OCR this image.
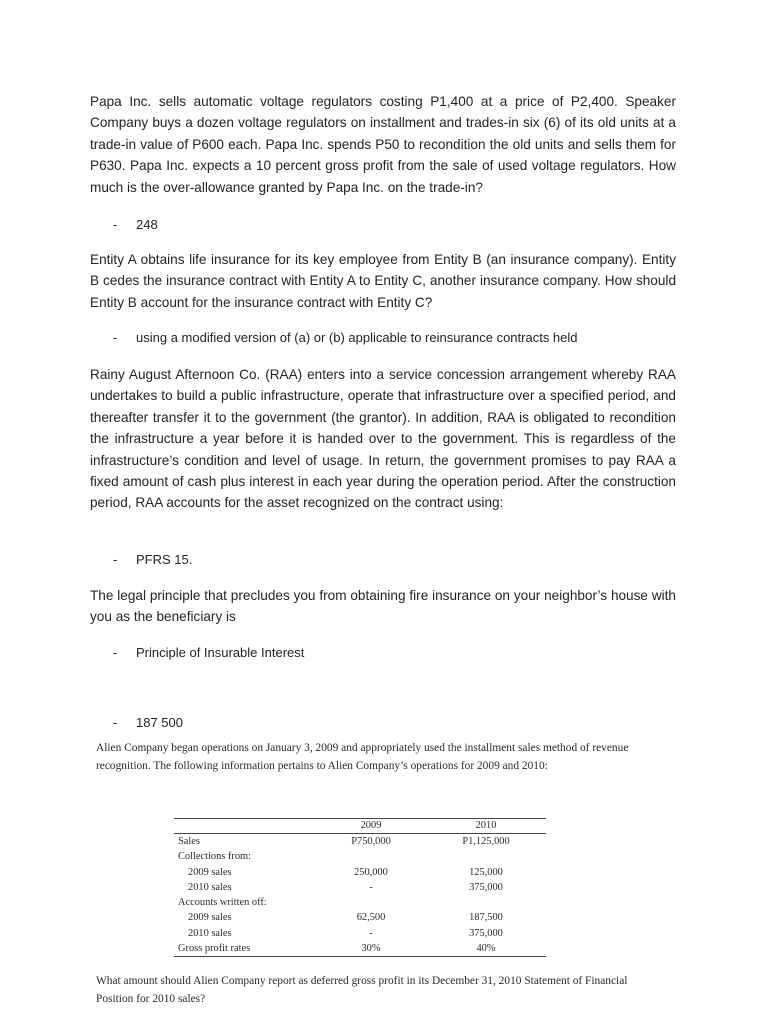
Papa Inc. sells automatic voltage regulators costing P1,400 at a price of P2,400. Speaker Company buys a dozen voltage regulators on installment and trades-in six (6) of its old units at a trade-in value of P600 each. Papa Inc. spends P50 to recondition the old units and sells them for P630. Papa Inc. expects a 10 percent gross profit from the sale of used voltage regulators. How much is the over-allowance granted by Papa Inc. on the trade-in?

- 248

Entity A obtains life insurance for its key employee from Entity B (an insurance company). Entity B cedes the insurance contract with Entity A to Entity C, another insurance company. How should Entity B account for the insurance contract with Entity C?

- using a modified version of (a) or (b) applicable to reinsurance contracts held

Rainy August Afternoon Co. (RAA) enters into a service concession arrangement whereby RAA undertakes to build a public infrastructure, operate that infrastructure over a specified period, and thereafter transfer it to the government (the grantor). In addition, RAA is obligated to recondition the infrastructure a year before it is handed over to the government. This is regardless of the infrastructure’s condition and level of usage. In return, the government promises to pay RAA a fixed amount of cash plus interest in each year during the operation period. After the construction period, RAA accounts for the asset recognized on the contract using:

- PFRS 15.

The legal principle that precludes you from obtaining fire insurance on your neighbor’s house with you as the beneficiary is

- Principle of Insurable Interest

- 187 500

Alien Company began operations on January 3, 2009 and appropriately used the installment sales method of revenue recognition. The following information pertains to Alien Company’s operations for 2009 and 2010:

	2009	2010
Sales	P750,000	P1,125,000
Collections from:		
2009 sales	250,000	125,000
2010 sales	-	375,000
Accounts written off:		
2009 sales	62,500	187,500
2010 sales	-	375,000
Gross profit rates	30%	40%

What amount should Alien Company report as deferred gross profit in its December 31, 2010 Statement of Financial Position for 2010 sales?
